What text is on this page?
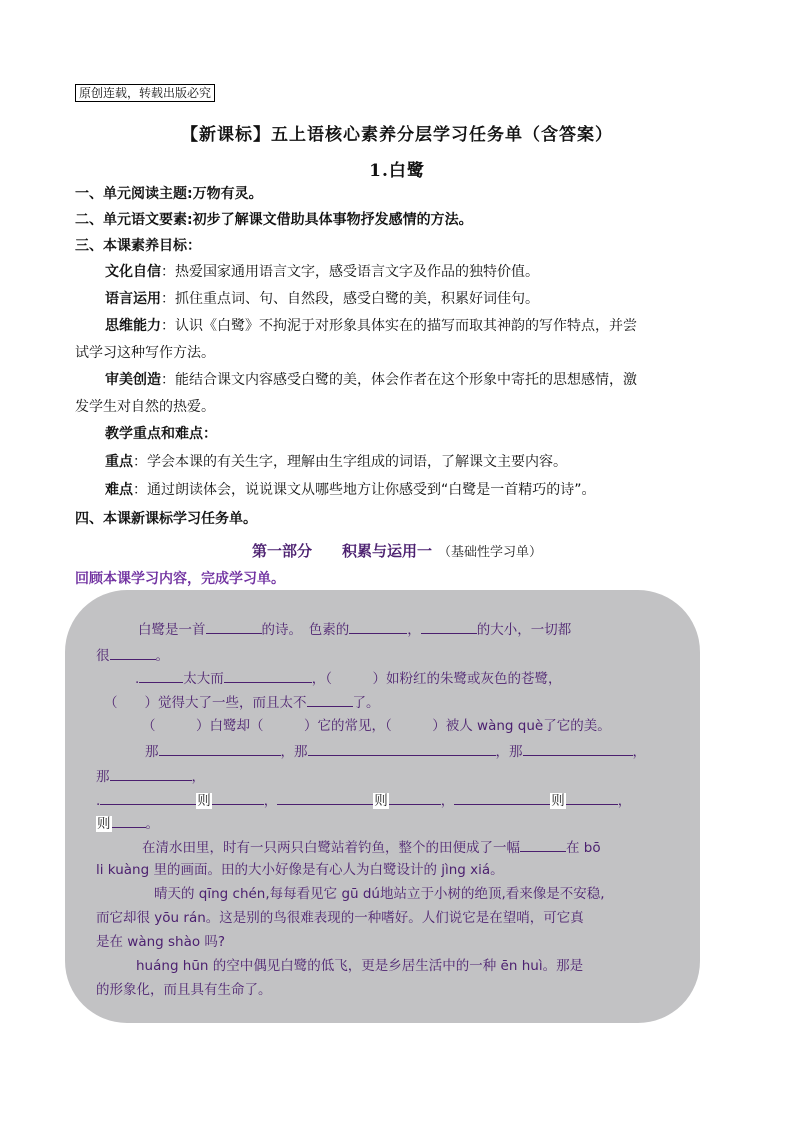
原创连载，转载出版必究
【新课标】五上语核心素养分层学习任务单（含答案）
1.白鹭
一、单元阅读主题:万物有灵。
二、单元语文要素:初步了解课文借助具体事物抒发感情的方法。
三、本课素养目标：
文化自信：热爱国家通用语言文字，感受语言文字及作品的独特价值。
语言运用：抓住重点词、句、自然段，感受白鹭的美，积累好词佳句。
思维能力：认识《白鹭》不拘泥于对形象具体实在的描写而取其神韵的写作特点，并尝
试学习这种写作方法。
审美创造：能结合课文内容感受白鹭的美，体会作者在这个形象中寄托的思想感情，激
发学生对自然的热爱。
教学重点和难点：
重点：学会本课的有关生字，理解由生字组成的词语，了解课文主要内容。
难点：通过朗读体会，说说课文从哪些地方让你感受到“白鹭是一首精巧的诗”。
四、本课新课标学习任务单。
第一部分　　积累与运用一 （基础性学习单）
回顾本课学习内容，完成学习单。
白鹭是一首	的诗。　色素的	，	的大小，一切都
很	。
.	太大而	，（　　　）如粉红的朱鹭或灰色的苍鹭，
（　　）觉得大了一些，而且太不	了。
（　　　）白鹭却（　　　）它的常见，（　　　）被人 wàng què了它的美。
那	，那	，那	，
那	，
.	则	，	则	，	则	，
则	。
在清水田里，时有一只两只白鹭站着钓鱼，整个的田便成了一幅	在 bō
li kuàng 里的画面。田的大小好像是有心人为白鹭设计的 jìng xiá。
晴天的 qīng chén,每每看见它 gū dú地站立于小树的绝顶,看来像是不安稳,
而它却很 yōu rán。这是别的鸟很难表现的一种嗜好。人们说它是在望哨，可它真
是在 wàng shào 吗?
huáng hūn 的空中偶见白鹭的低飞，更是乡居生活中的一种 ēn huì。那是
的形象化，而且具有生命了。
